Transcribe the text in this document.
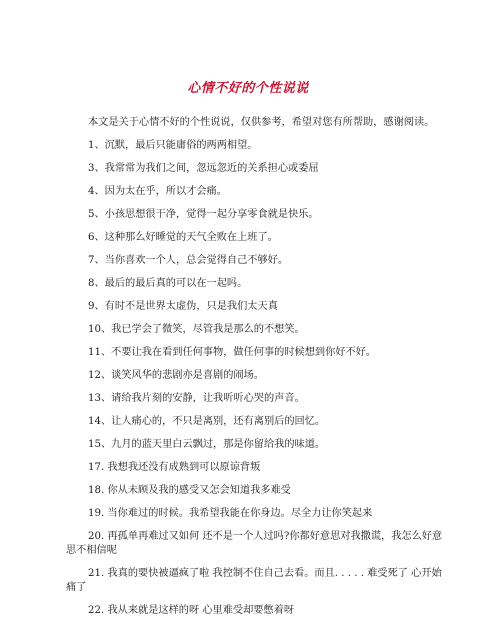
心情不好的个性说说
本文是关于心情不好的个性说说，仅供参考，希望对您有所帮助，感谢阅读。
1、沉默，最后只能庸俗的两两相望。
3、我常常为我们之间，忽远忽近的关系担心或委屈
4、因为太在乎，所以才会痛。
5、小孩思想很干净，觉得一起分享零食就是快乐。
6、这种那么好睡觉的天气全败在上班了。
7、当你喜欢一个人，总会觉得自己不够好。
8、最后的最后真的可以在一起吗。
9、有时不是世界太虚伪，只是我们太天真
10、我已学会了微笑，尽管我是那么的不想笑。
11、不要让我在看到任何事物，做任何事的时候想到你好不好。
12、谈笑风华的悲剧亦是喜剧的闹场。
13、请给我片刻的安静，让我听听心哭的声音。
14、让人痛心的，不只是离别，还有离别后的回忆。
15、九月的蓝天里白云飘过，那是你留给我的味道。
17. 我想我还没有成熟到可以原谅背叛
18. 你从未顾及我的感受又怎会知道我多难受
19. 当你难过的时候。我希望我能在你身边。尽全力让你笑起来
20. 再孤单再难过又如何 还不是一个人过吗?你都好意思对我撒谎，我怎么好意思不相信呢
21. 我真的要快被逼疯了啦 我控制不住自己去看。而且. . . . . 难受死了 心开始痛了
22. 我从来就是这样的呀 心里难受却要憋着呀
